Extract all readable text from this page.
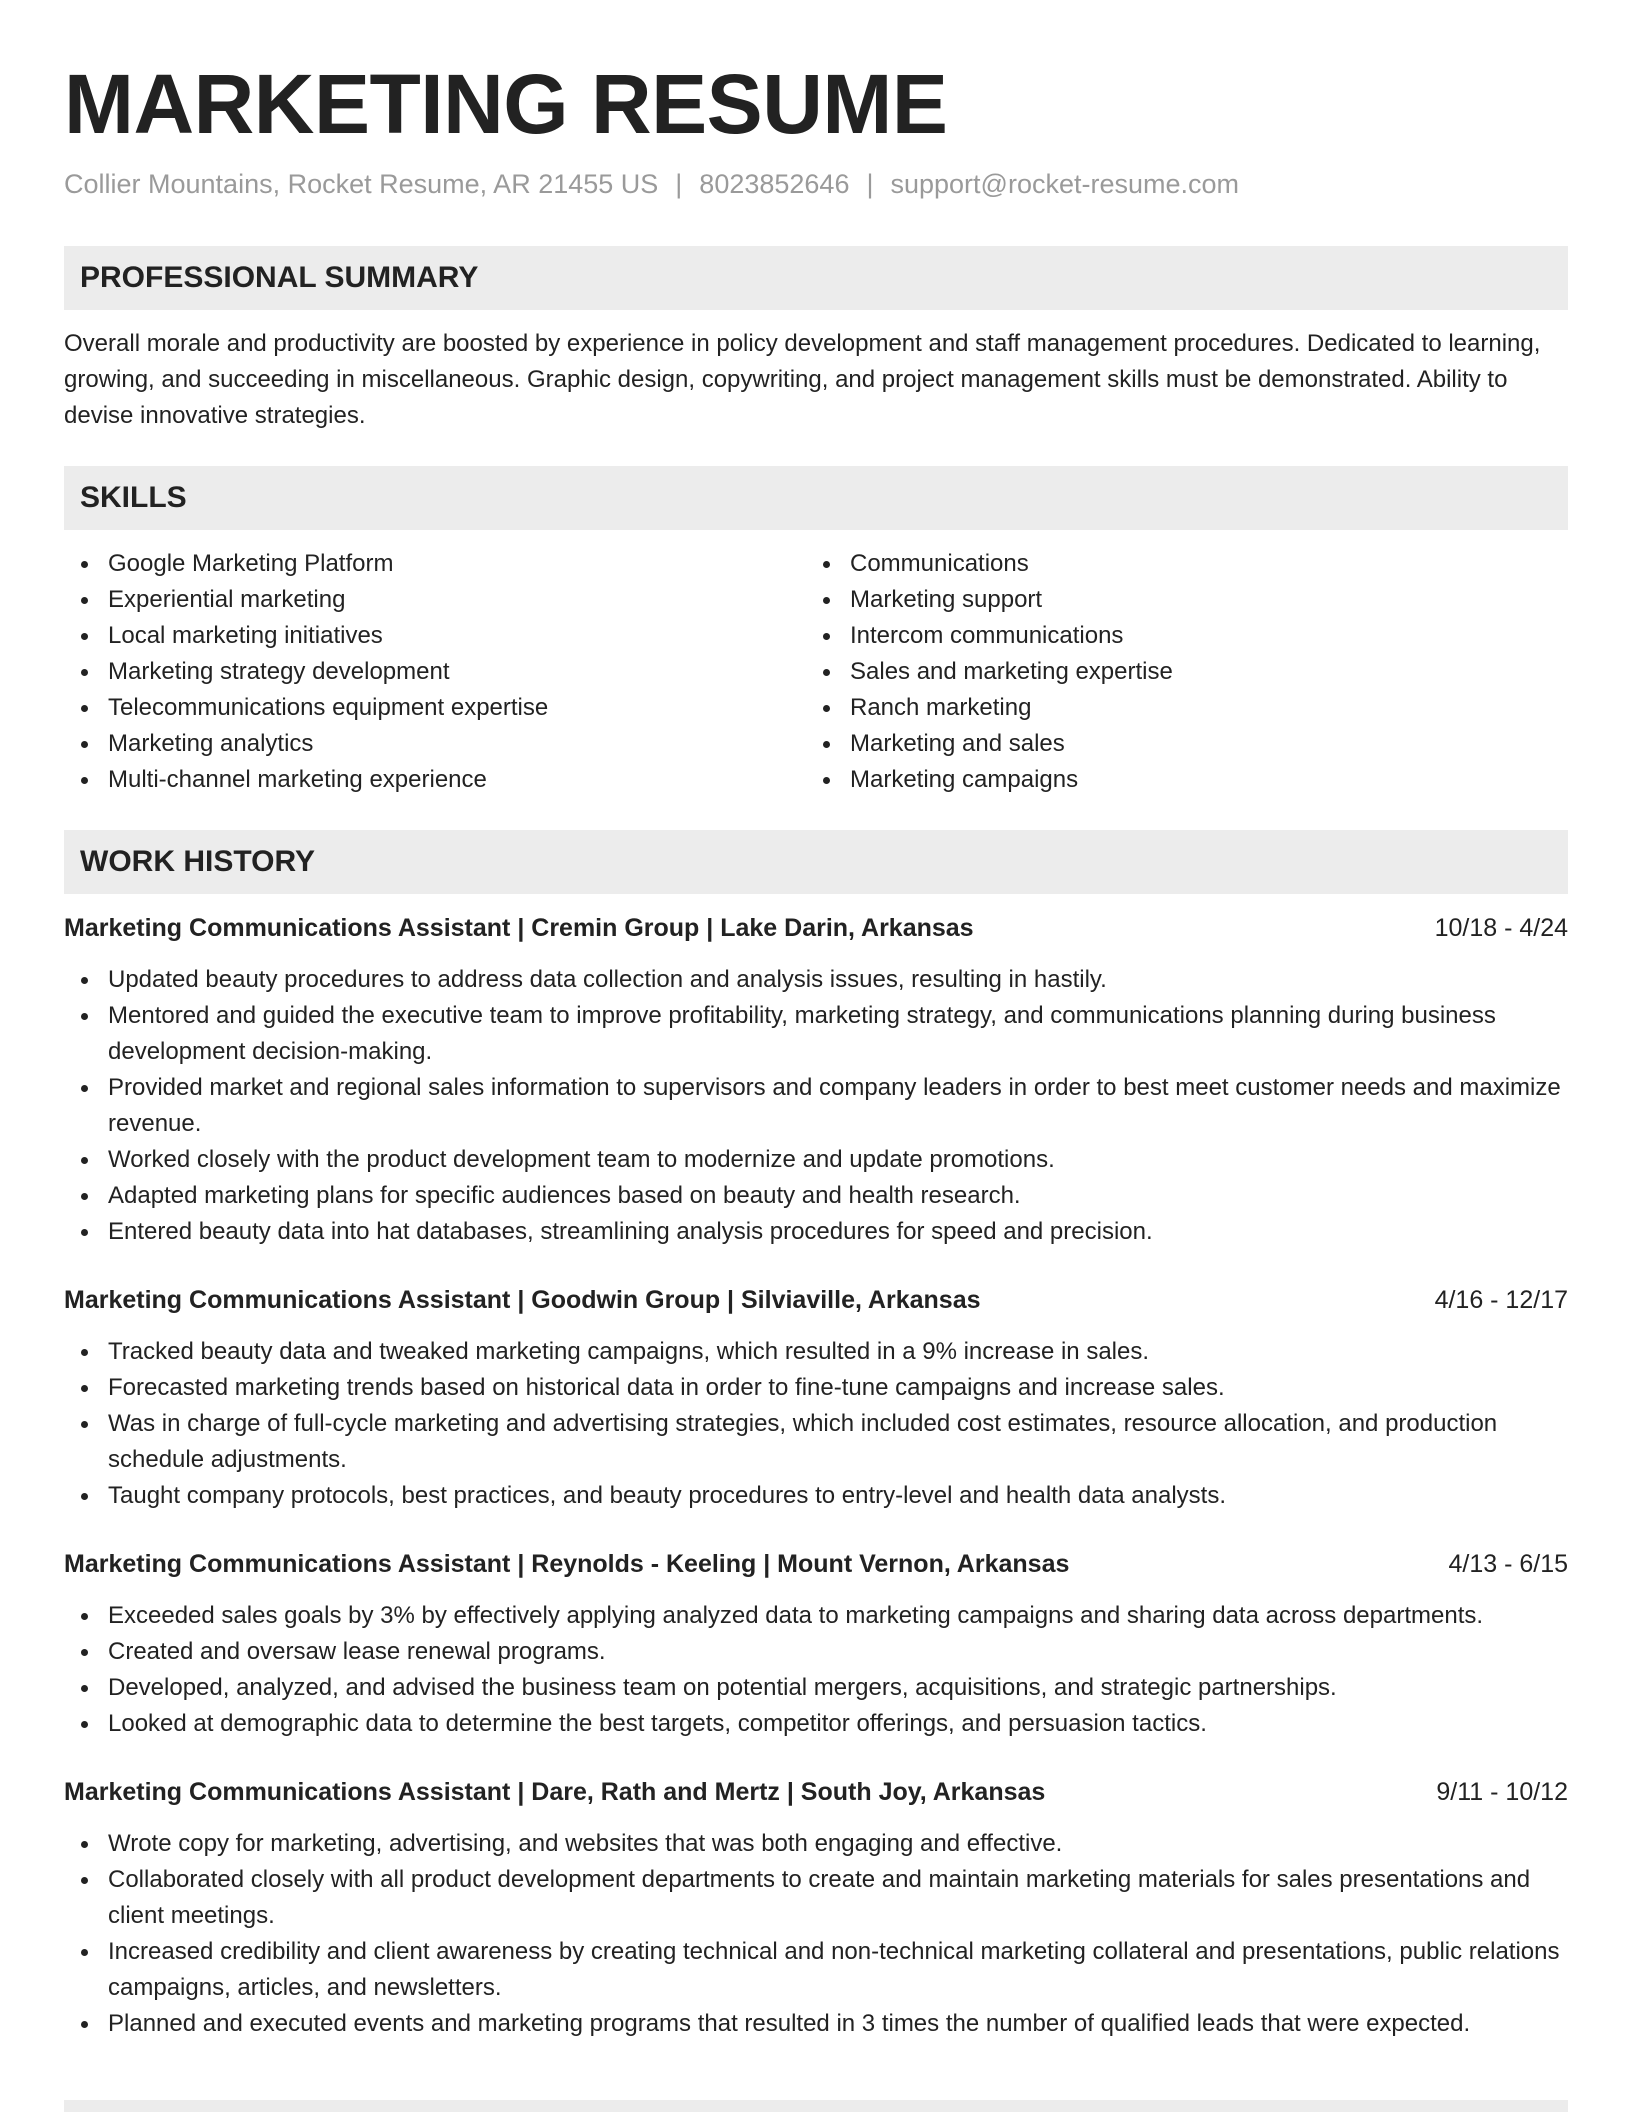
MARKETING RESUME
Collier Mountains, Rocket Resume, AR 21455 US | 8023852646 | support@rocket-resume.com
PROFESSIONAL SUMMARY
Overall morale and productivity are boosted by experience in policy development and staff management procedures. Dedicated to learning, growing, and succeeding in miscellaneous. Graphic design, copywriting, and project management skills must be demonstrated. Ability to devise innovative strategies.
SKILLS
Google Marketing Platform
Experiential marketing
Local marketing initiatives
Marketing strategy development
Telecommunications equipment expertise
Marketing analytics
Multi-channel marketing experience
Communications
Marketing support
Intercom communications
Sales and marketing expertise
Ranch marketing
Marketing and sales
Marketing campaigns
WORK HISTORY
Marketing Communications Assistant | Cremin Group | Lake Darin, Arkansas	10/18 - 4/24
Updated beauty procedures to address data collection and analysis issues, resulting in hastily.
Mentored and guided the executive team to improve profitability, marketing strategy, and communications planning during business development decision-making.
Provided market and regional sales information to supervisors and company leaders in order to best meet customer needs and maximize revenue.
Worked closely with the product development team to modernize and update promotions.
Adapted marketing plans for specific audiences based on beauty and health research.
Entered beauty data into hat databases, streamlining analysis procedures for speed and precision.
Marketing Communications Assistant | Goodwin Group | Silviaville, Arkansas	4/16 - 12/17
Tracked beauty data and tweaked marketing campaigns, which resulted in a 9% increase in sales.
Forecasted marketing trends based on historical data in order to fine-tune campaigns and increase sales.
Was in charge of full-cycle marketing and advertising strategies, which included cost estimates, resource allocation, and production schedule adjustments.
Taught company protocols, best practices, and beauty procedures to entry-level and health data analysts.
Marketing Communications Assistant | Reynolds - Keeling | Mount Vernon, Arkansas	4/13 - 6/15
Exceeded sales goals by 3% by effectively applying analyzed data to marketing campaigns and sharing data across departments.
Created and oversaw lease renewal programs.
Developed, analyzed, and advised the business team on potential mergers, acquisitions, and strategic partnerships.
Looked at demographic data to determine the best targets, competitor offerings, and persuasion tactics.
Marketing Communications Assistant | Dare, Rath and Mertz | South Joy, Arkansas	9/11 - 10/12
Wrote copy for marketing, advertising, and websites that was both engaging and effective.
Collaborated closely with all product development departments to create and maintain marketing materials for sales presentations and client meetings.
Increased credibility and client awareness by creating technical and non-technical marketing collateral and presentations, public relations campaigns, articles, and newsletters.
Planned and executed events and marketing programs that resulted in 3 times the number of qualified leads that were expected.
